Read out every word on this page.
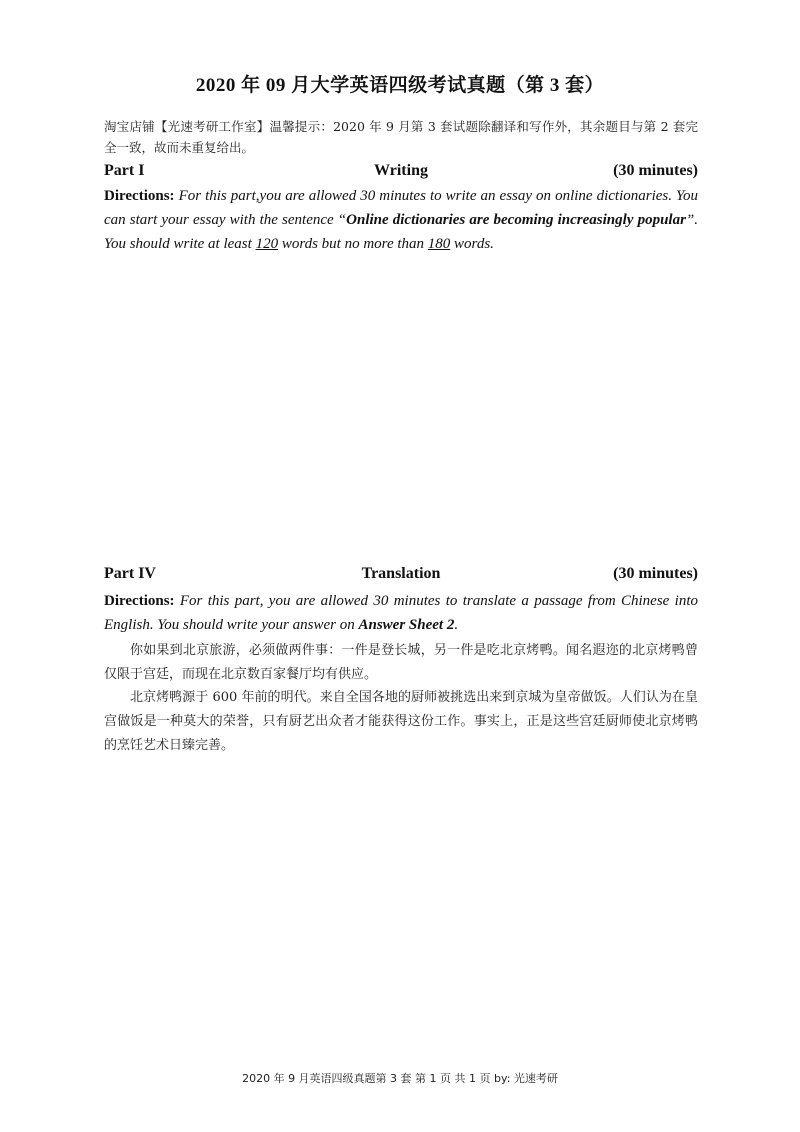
2020 年 09 月大学英语四级考试真题（第 3 套）
淘宝店铺【光速考研工作室】温馨提示：2020 年 9 月第 3 套试题除翻译和写作外，其余题目与第 2 套完全一致，故而未重复给出。
Writing
Part I	(30 minutes)
Directions: For this part,you are allowed 30 minutes to write an essay on online dictionaries. You can start your essay with the sentence “Online dictionaries are becoming increasingly popular”. You should write at least 120 words but no more than 180 words.
Translation
Part IV	(30 minutes)
Directions: For this part, you are allowed 30 minutes to translate a passage from Chinese into English. You should write your answer on Answer Sheet 2.
你如果到北京旅游，必须做两件事：一件是登长城，另一件是吃北京烤鸭。闻名遐迩的北京烤鸭曾仅限于宫廷，而现在北京数百家餐厅均有供应。
北京烤鸭源于 600 年前的明代。来自全国各地的厨师被挑选出来到京城为皇帝做饭。人们认为在皇宫做饭是一种莫大的荣誉，只有厨艺出众者才能获得这份工作。事实上，正是这些宫廷厨师使北京烤鸭的烹饪艺术日臻完善。
2020 年 9 月英语四级真题第 3 套 第 1 页 共 1 页 by: 光速考研
